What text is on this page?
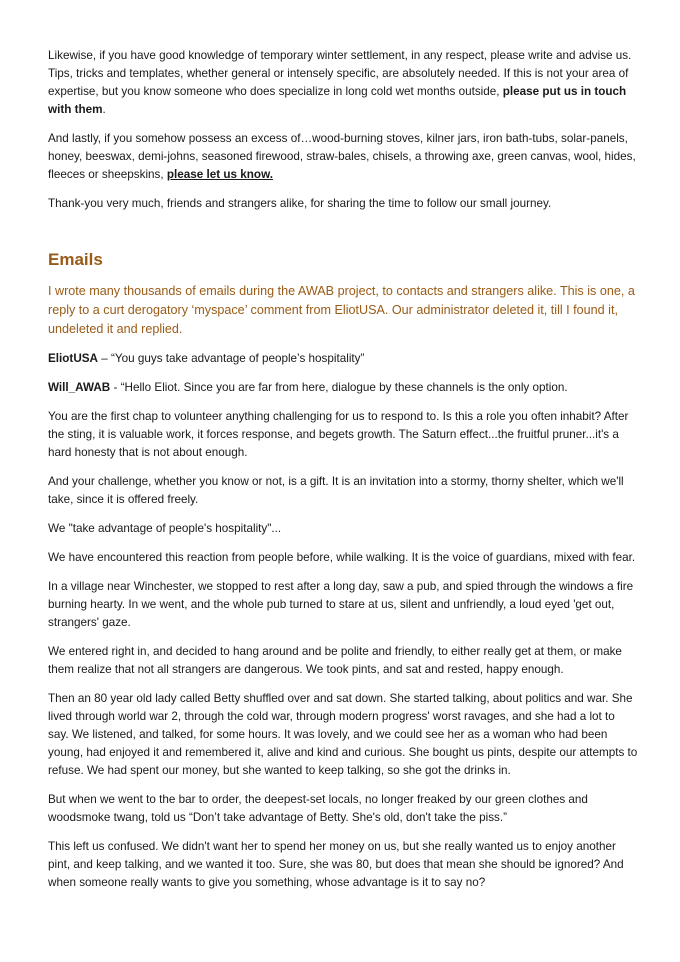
Likewise, if you have good knowledge of temporary winter settlement, in any respect, please write and advise us. Tips, tricks and templates, whether general or intensely specific, are absolutely needed. If this is not your area of expertise, but you know someone who does specialize in long cold wet months outside, please put us in touch with them.

And lastly, if you somehow possess an excess of…wood-burning stoves, kilner jars, iron bath-tubs, solar-panels, honey, beeswax, demi-johns, seasoned firewood, straw-bales, chisels, a throwing axe, green canvas, wool, hides, fleeces or sheepskins, please let us know.

Thank-you very much, friends and strangers alike, for sharing the time to follow our small journey.

Emails

I wrote many thousands of emails during the AWAB project, to contacts and strangers alike. This is one, a reply to a curt derogatory ‘myspace’ comment from EliotUSA. Our administrator deleted it, till I found it, undeleted it and replied.

EliotUSA – “You guys take advantage of people’s hospitality”

Will_AWAB - “Hello Eliot. Since you are far from here, dialogue by these channels is the only option.

You are the first chap to volunteer anything challenging for us to respond to. Is this a role you often inhabit? After the sting, it is valuable work, it forces response, and begets growth. The Saturn effect...the fruitful pruner...it's a hard honesty that is not about enough.

And your challenge, whether you know or not, is a gift. It is an invitation into a stormy, thorny shelter, which we'll take, since it is offered freely.

We "take advantage of people's hospitality"...

We have encountered this reaction from people before, while walking. It is the voice of guardians, mixed with fear.

In a village near Winchester, we stopped to rest after a long day, saw a pub, and spied through the windows a fire burning hearty. In we went, and the whole pub turned to stare at us, silent and unfriendly, a loud eyed 'get out, strangers' gaze.

We entered right in, and decided to hang around and be polite and friendly, to either really get at them, or make them realize that not all strangers are dangerous. We took pints, and sat and rested, happy enough.

Then an 80 year old lady called Betty shuffled over and sat down. She started talking, about politics and war. She lived through world war 2, through the cold war, through modern progress' worst ravages, and she had a lot to say. We listened, and talked, for some hours. It was lovely, and we could see her as a woman who had been young, had enjoyed it and remembered it, alive and kind and curious. She bought us pints, despite our attempts to refuse. We had spent our money, but she wanted to keep talking, so she got the drinks in.

But when we went to the bar to order, the deepest-set locals, no longer freaked by our green clothes and woodsmoke twang, told us “Don’t take advantage of Betty. She's old, don't take the piss.”

This left us confused. We didn't want her to spend her money on us, but she really wanted us to enjoy another pint, and keep talking, and we wanted it too. Sure, she was 80, but does that mean she should be ignored? And when someone really wants to give you something, whose advantage is it to say no?
